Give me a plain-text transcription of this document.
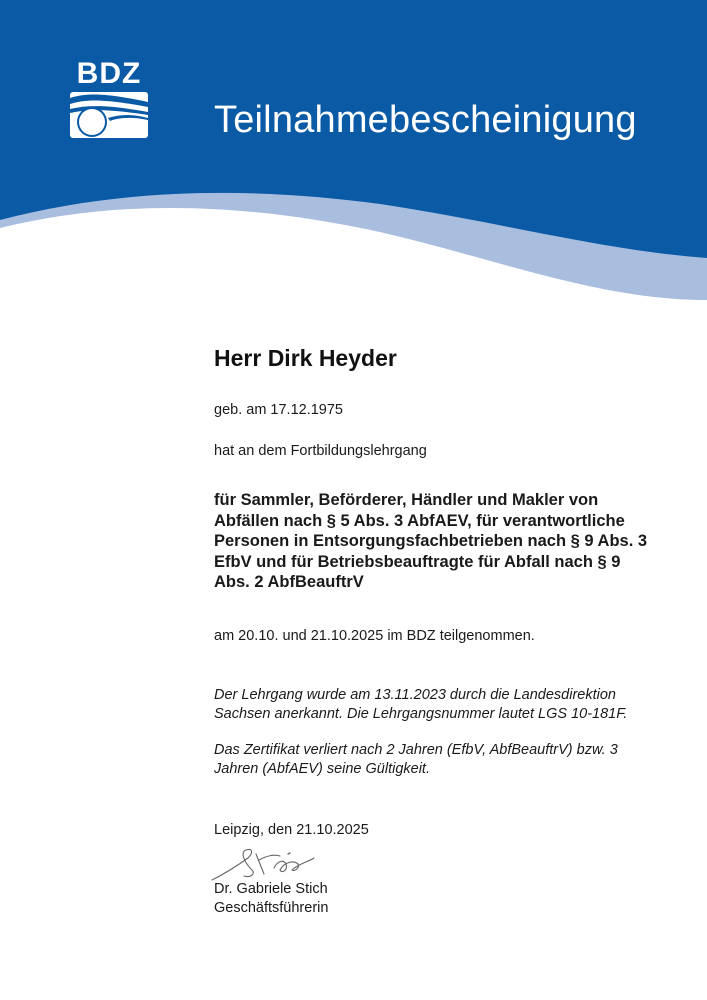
BDZ
Teilnahmebescheinigung

Herr Dirk Heyder

geb. am 17.12.1975

hat an dem Fortbildungslehrgang

für Sammler, Beförderer, Händler und Makler von Abfällen nach § 5 Abs. 3 AbfAEV, für verantwortliche Personen in Entsorgungsfachbetrieben nach § 9 Abs. 3 EfbV und für Betriebsbeauftragte für Abfall nach § 9 Abs. 2 AbfBeauftrV

am 20.10. und 21.10.2025 im BDZ teilgenommen.

Der Lehrgang wurde am 13.11.2023 durch die Landesdirektion Sachsen anerkannt. Die Lehrgangsnummer lautet LGS 10-181F.

Das Zertifikat verliert nach 2 Jahren (EfbV, AbfBeauftrV) bzw. 3 Jahren (AbfAEV) seine Gültigkeit.

Leipzig, den 21.10.2025

Dr. Gabriele Stich

Geschäftsführerin
